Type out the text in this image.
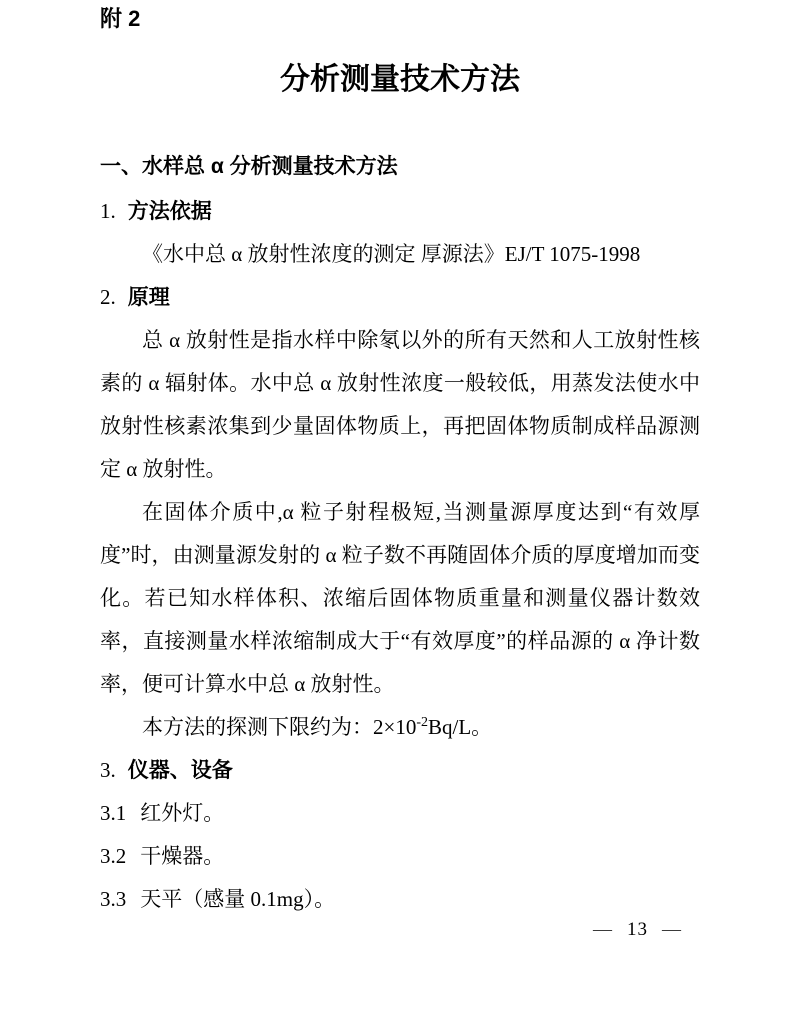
附 2
分析测量技术方法
一、水样总 α 分析测量技术方法
1. 方法依据
《水中总 α 放射性浓度的测定 厚源法》EJ/T 1075-1998
2. 原理

总 α 放射性是指水样中除氡以外的所有天然和人工放射性核素的 α 辐射体。水中总 α 放射性浓度一般较低，用蒸发法使水中放射性核素浓集到少量固体物质上，再把固体物质制成样品源测定 α 放射性。

在固体介质中,α 粒子射程极短,当测量源厚度达到“有效厚度”时，由测量源发射的 α 粒子数不再随固体介质的厚度增加而变化。若已知水样体积、浓缩后固体物质重量和测量仪器计数效率，直接测量水样浓缩制成大于“有效厚度”的样品源的 α 净计数率，便可计算水中总 α 放射性。

本方法的探测下限约为：$2\times 10^{-2}Bq/L$。
3. 仪器、设备
3.1 红外灯。
3.2 干燥器。
3.3 天平（感量 0.1mg）。
— 13 —
